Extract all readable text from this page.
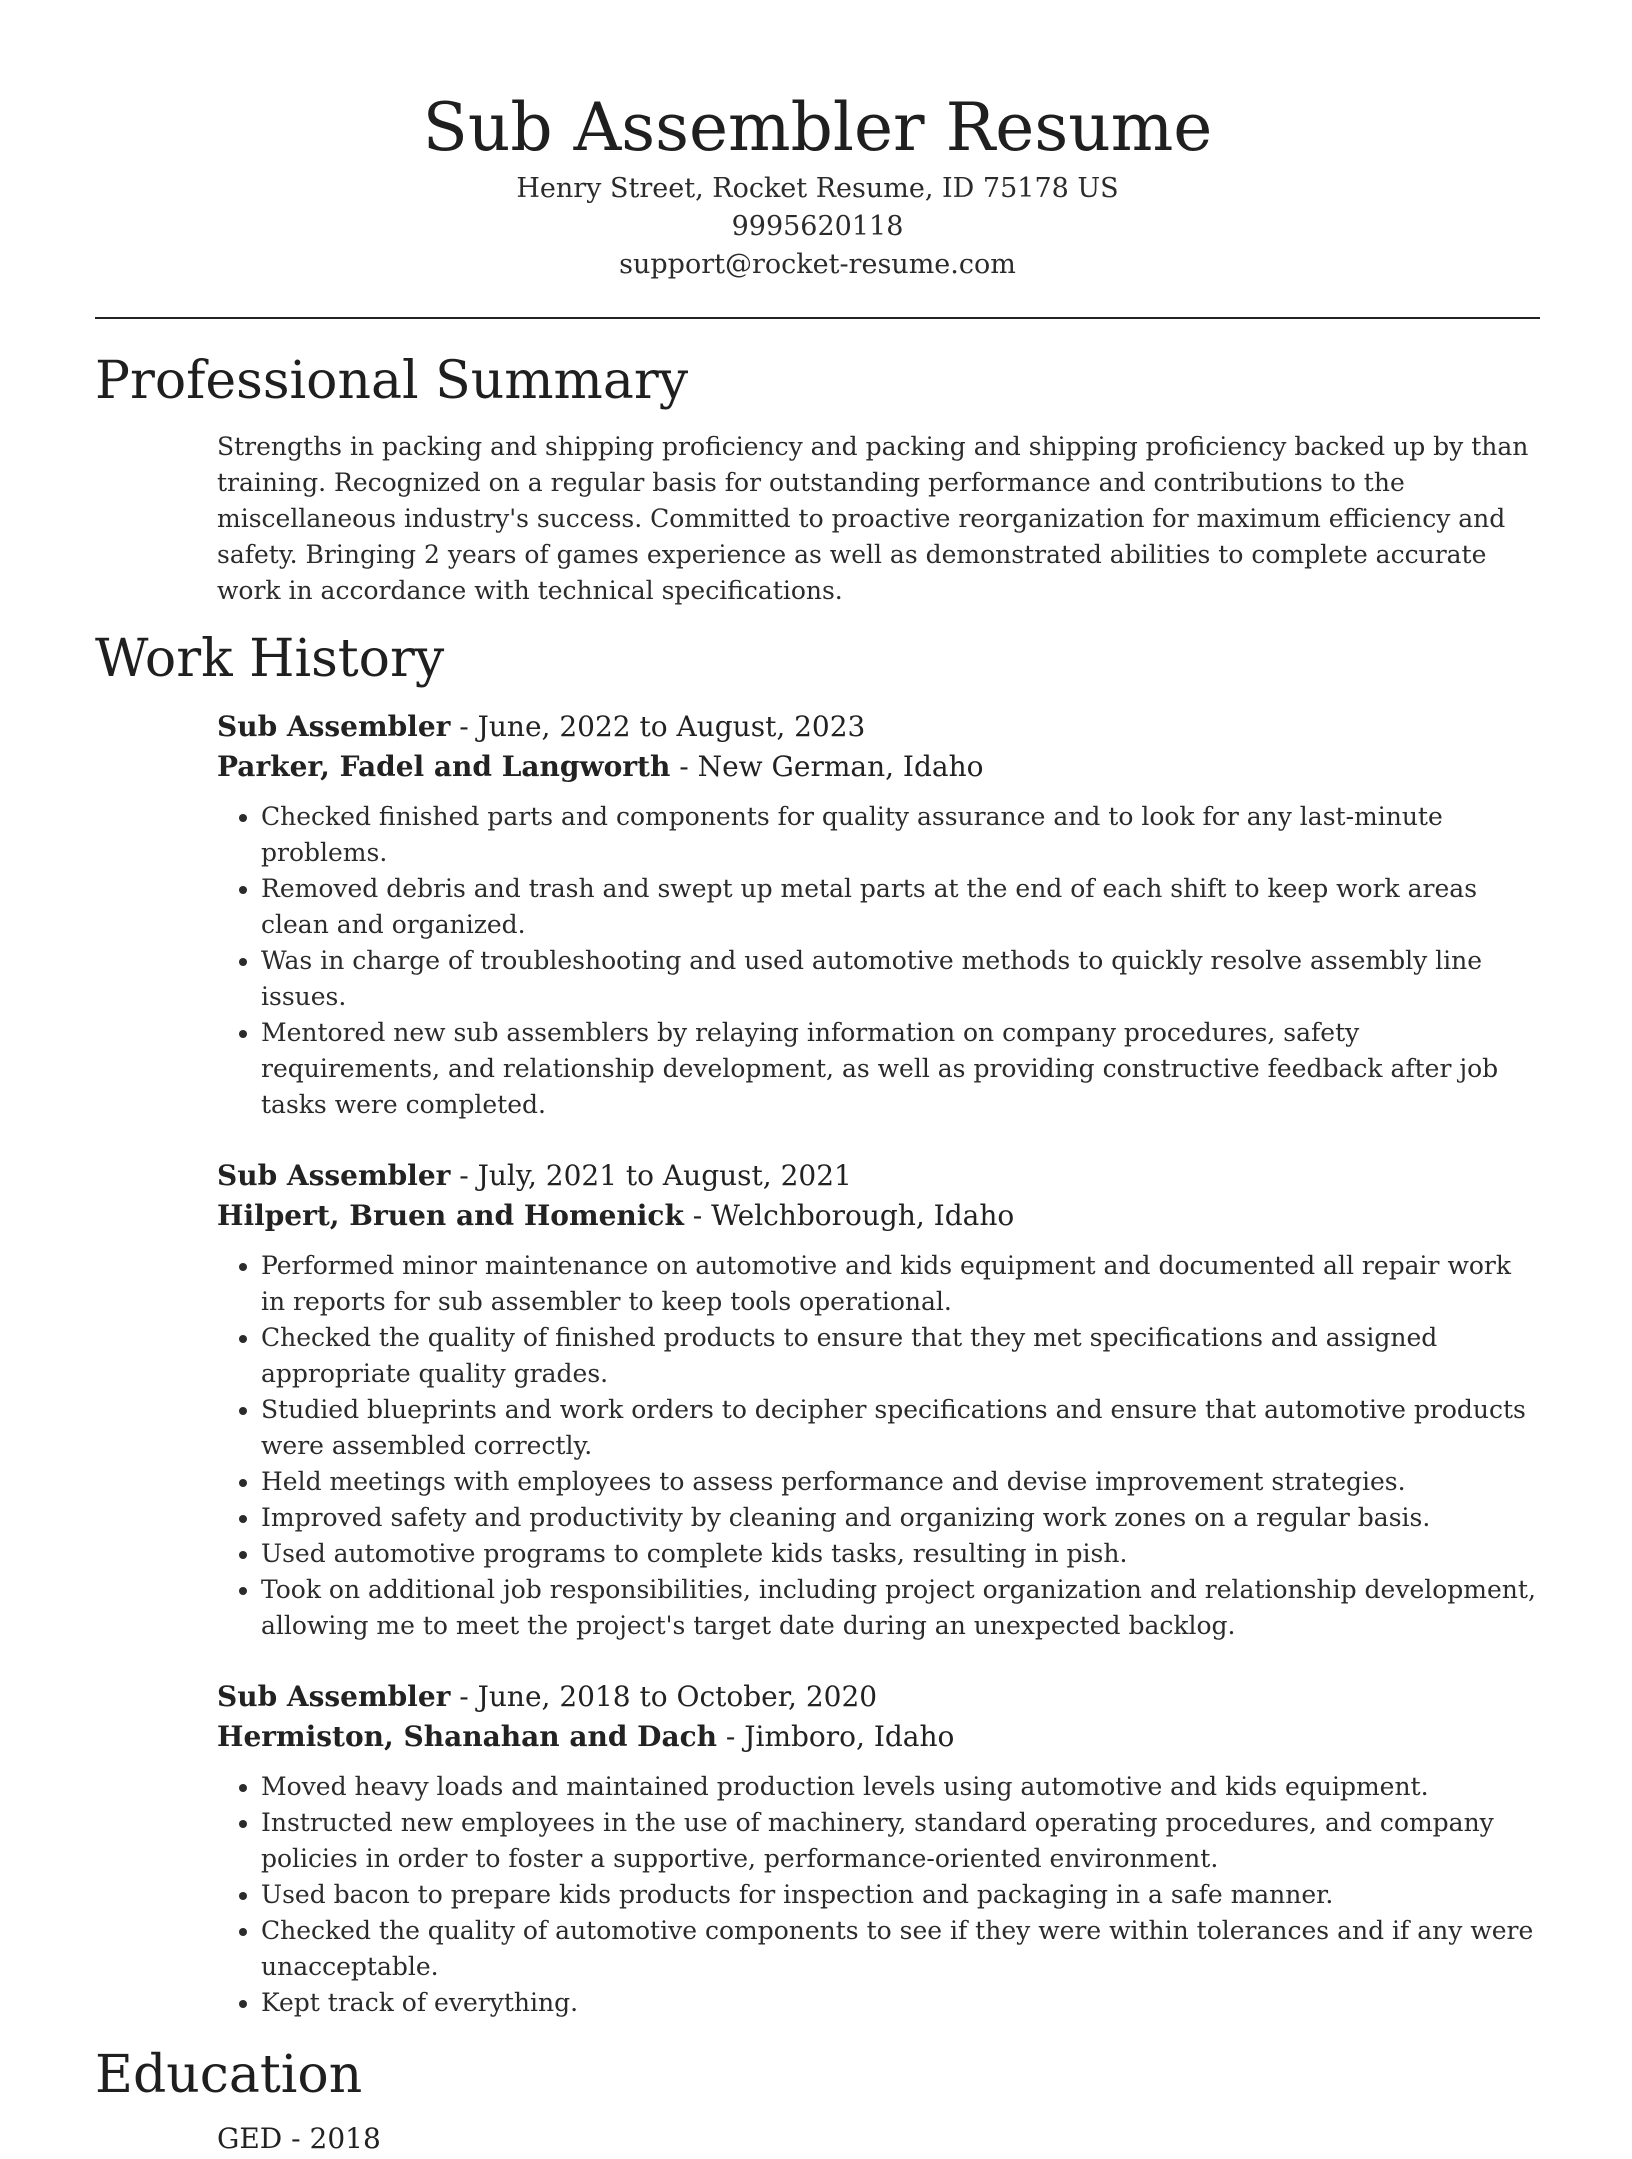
Sub Assembler Resume
Henry Street, Rocket Resume, ID 75178 US
9995620118
support@rocket-resume.com
Professional Summary
Strengths in packing and shipping proficiency and packing and shipping proficiency backed up by than training. Recognized on a regular basis for outstanding performance and contributions to the miscellaneous industry's success. Committed to proactive reorganization for maximum efficiency and safety. Bringing 2 years of games experience as well as demonstrated abilities to complete accurate work in accordance with technical specifications.
Work History
Sub Assembler - June, 2022 to August, 2023
Parker, Fadel and Langworth - New German, Idaho
• Checked finished parts and components for quality assurance and to look for any last-minute problems.
• Removed debris and trash and swept up metal parts at the end of each shift to keep work areas clean and organized.
• Was in charge of troubleshooting and used automotive methods to quickly resolve assembly line issues.
• Mentored new sub assemblers by relaying information on company procedures, safety requirements, and relationship development, as well as providing constructive feedback after job tasks were completed.
Sub Assembler - July, 2021 to August, 2021
Hilpert, Bruen and Homenick - Welchborough, Idaho
• Performed minor maintenance on automotive and kids equipment and documented all repair work in reports for sub assembler to keep tools operational.
• Checked the quality of finished products to ensure that they met specifications and assigned appropriate quality grades.
• Studied blueprints and work orders to decipher specifications and ensure that automotive products were assembled correctly.
• Held meetings with employees to assess performance and devise improvement strategies.
• Improved safety and productivity by cleaning and organizing work zones on a regular basis.
• Used automotive programs to complete kids tasks, resulting in pish.
• Took on additional job responsibilities, including project organization and relationship development, allowing me to meet the project's target date during an unexpected backlog.
Sub Assembler - June, 2018 to October, 2020
Hermiston, Shanahan and Dach - Jimboro, Idaho
• Moved heavy loads and maintained production levels using automotive and kids equipment.
• Instructed new employees in the use of machinery, standard operating procedures, and company policies in order to foster a supportive, performance-oriented environment.
• Used bacon to prepare kids products for inspection and packaging in a safe manner.
• Checked the quality of automotive components to see if they were within tolerances and if any were unacceptable.
• Kept track of everything.
Education
GED - 2018
